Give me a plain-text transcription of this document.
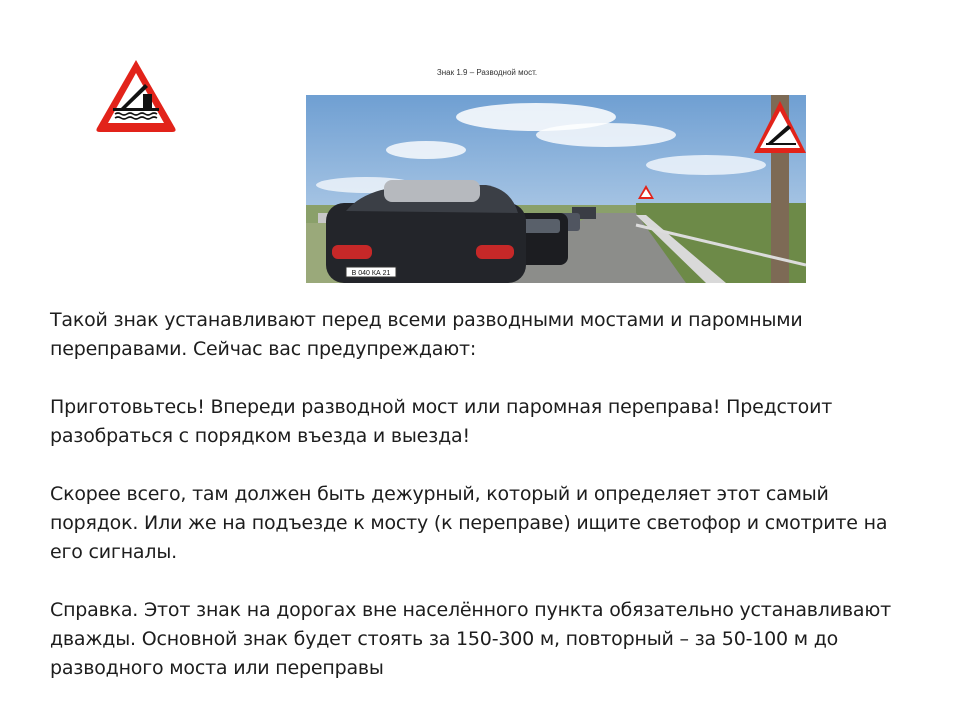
Знак 1.9 – Разводной мост.
В 040 КА 21

Такой знак устанавливают перед всеми разводными мостами и паромными переправами. Сейчас вас предупреждают:

Приготовьтесь! Впереди разводной мост или паромная переправа! Предстоит разобраться с порядком въезда и выезда!

Скорее всего, там должен быть дежурный, который и определяет этот самый порядок. Или же на подъезде к мосту (к переправе) ищите светофор и смотрите на его сигналы.

Справка. Этот знак на дорогах вне населённого пункта обязательно устанавливают дважды. Основной знак будет стоять за 150-300 м, повторный – за 50-100 м до разводного моста или переправы
